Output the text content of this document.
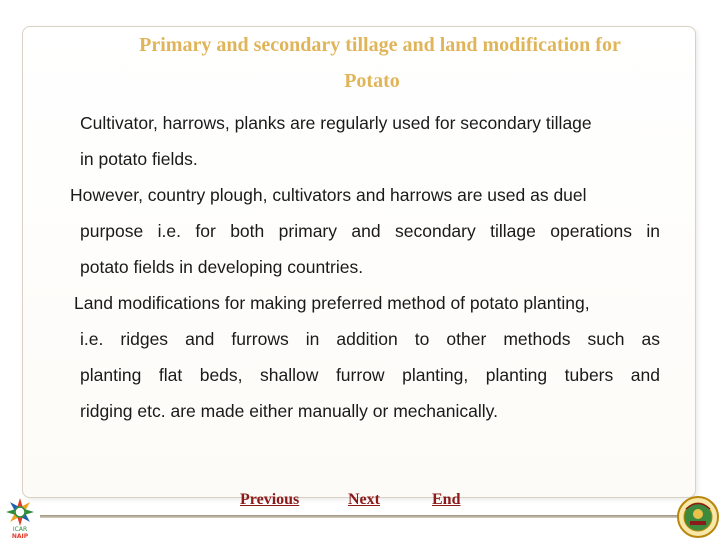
Primary and secondary tillage and land modification for
Potato
Cultivator, harrows, planks are regularly used for secondary tillage
in potato fields.
However, country plough, cultivators and harrows are used as duel
purpose i.e. for both primary and secondary tillage operations in
potato fields in developing countries.
Land modifications for making preferred method of potato planting,
i.e. ridges and furrows in addition to other methods such as
planting flat beds, shallow furrow planting, planting tubers and
ridging etc. are made either manually or mechanically.
Previous	Next	End
ICAR
NAIP
